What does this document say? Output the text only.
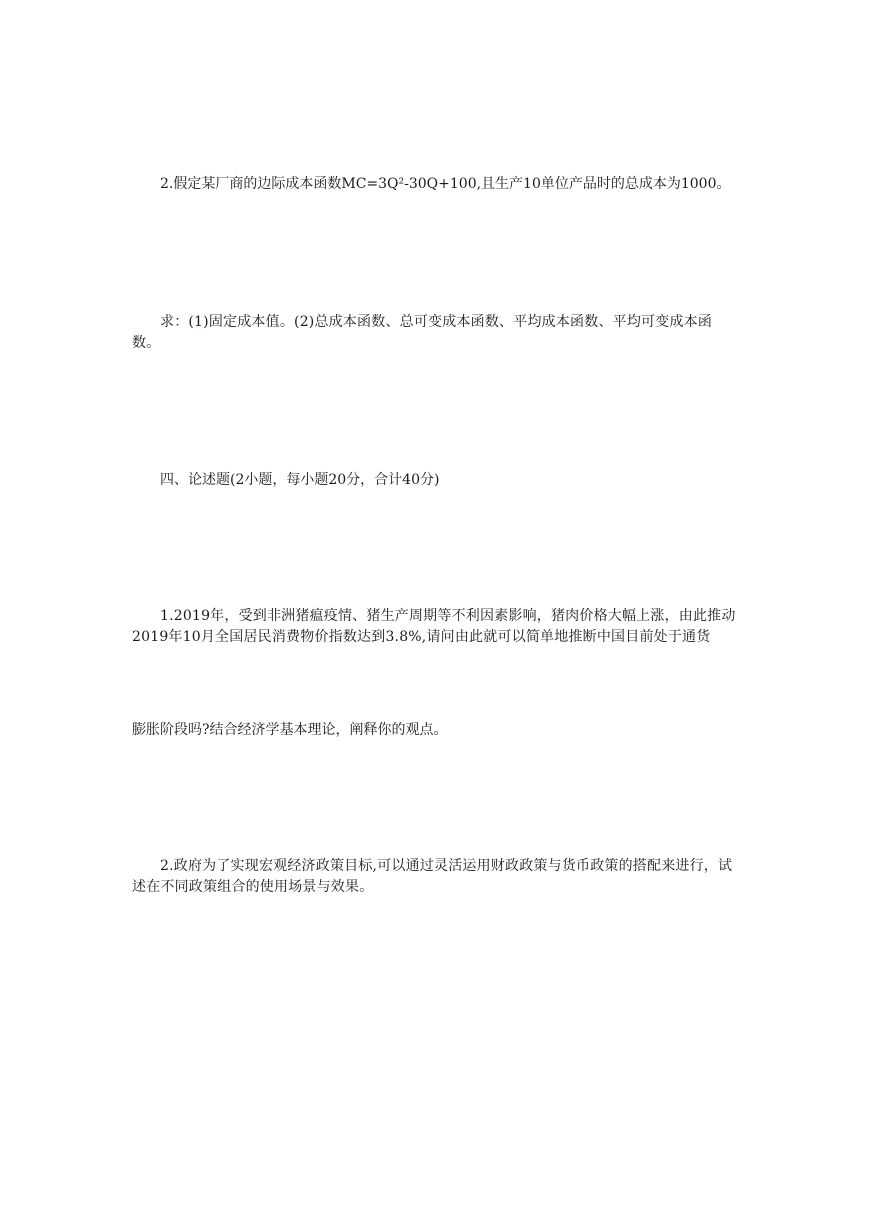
2.假定某厂商的边际成本函数MC=3Q²-30Q+100,且生产10单位产品时的总成本为1000。

求：(1)固定成本值。(2)总成本函数、总可变成本函数、平均成本函数、平均可变成本函数。

四、论述题(2小题，每小题20分，合计40分)

1.2019年，受到非洲猪瘟疫情、猪生产周期等不利因素影响，猪肉价格大幅上涨，由此推动2019年10月全国居民消费物价指数达到3.8%,请问由此就可以简单地推断中国目前处于通货

膨胀阶段吗?结合经济学基本理论，阐释你的观点。

2.政府为了实现宏观经济政策目标,可以通过灵活运用财政政策与货币政策的搭配来进行，试述在不同政策组合的使用场景与效果。
